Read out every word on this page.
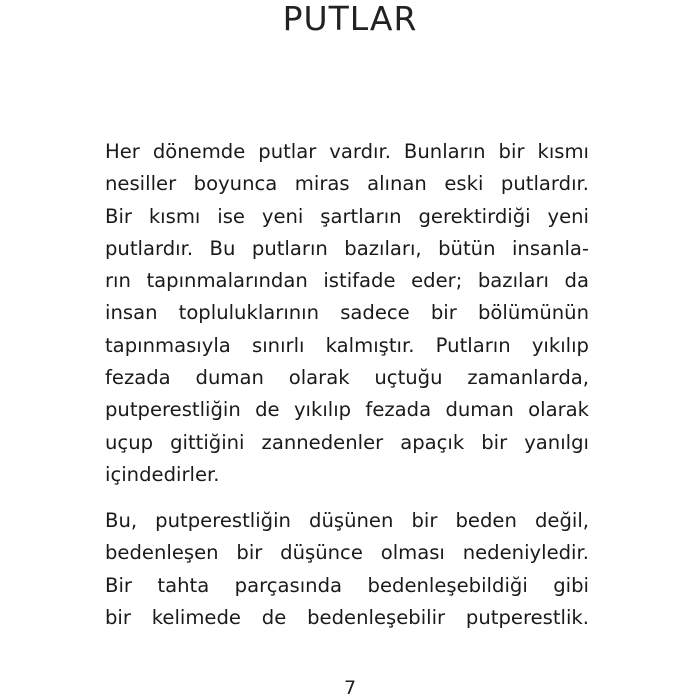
PUTLAR
Her dönemde putlar vardır. Bunların bir kısmı
nesiller boyunca miras alınan eski putlardır.
Bir kısmı ise yeni şartların gerektirdiği yeni
putlardır. Bu putların bazıları, bütün insanla-
rın tapınmalarından istifade eder; bazıları da
insan topluluklarının sadece bir bölümünün
tapınmasıyla sınırlı kalmıştır. Putların yıkılıp
fezada duman olarak uçtuğu zamanlarda,
putperestliğin de yıkılıp fezada duman olarak
uçup gittiğini zannedenler apaçık bir yanılgı
içindedirler.
Bu, putperestliğin düşünen bir beden değil,
bedenleşen bir düşünce olması nedeniyledir.
Bir tahta parçasında bedenleşebildiği gibi
bir kelimede de bedenleşebilir putperestlik.
7
